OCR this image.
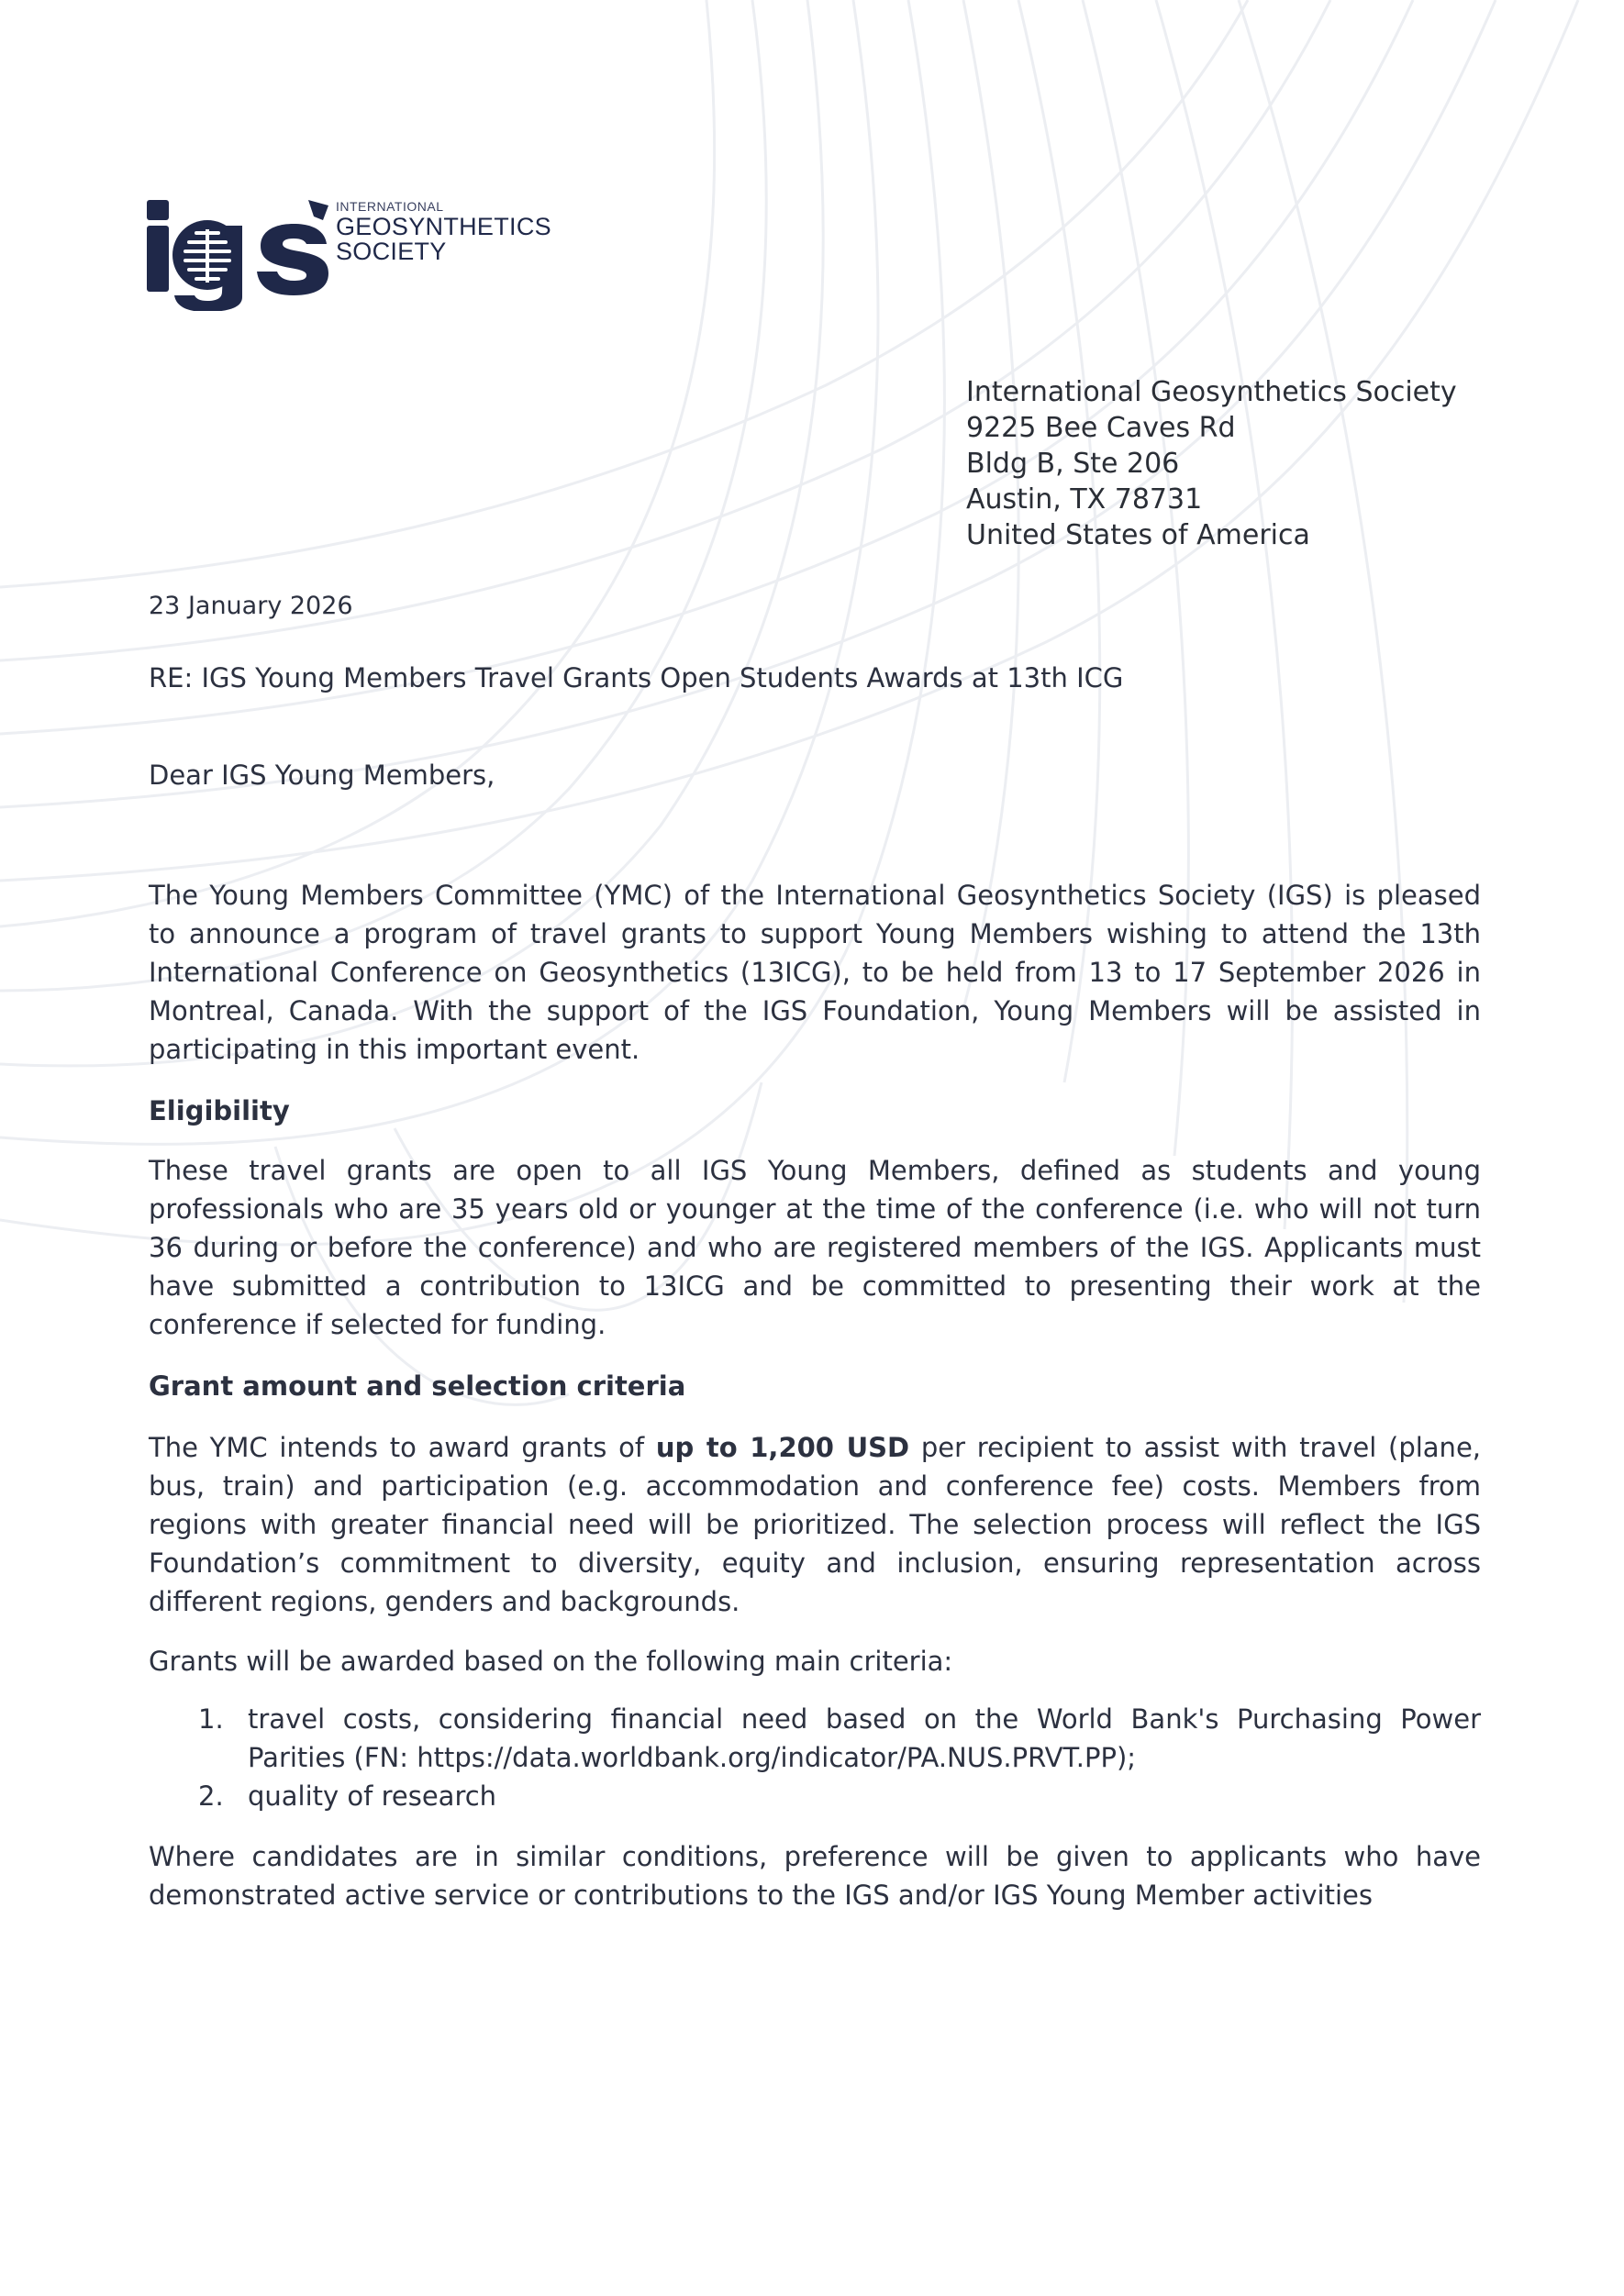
INTERNATIONAL
GEOSYNTHETICS
SOCIETY
International Geosynthetics Society
9225 Bee Caves Rd
Bldg B, Ste 206
Austin, TX 78731
United States of America
23 January 2026
RE: IGS Young Members Travel Grants Open Students Awards at 13th ICG
Dear IGS Young Members,

The Young Members Committee (YMC) of the International Geosynthetics Society (IGS) is pleased to announce a program of travel grants to support Young Members wishing to attend the 13th International Conference on Geosynthetics (13ICG), to be held from 13 to 17 September 2026 in Montreal, Canada. With the support of the IGS Foundation, Young Members will be assisted in participating in this important event.

Eligibility

These travel grants are open to all IGS Young Members, defined as students and young professionals who are 35 years old or younger at the time of the conference (i.e. who will not turn 36 during or before the conference) and who are registered members of the IGS. Applicants must have submitted a contribution to 13ICG and be committed to presenting their work at the conference if selected for funding.

Grant amount and selection criteria

The YMC intends to award grants of up to 1,200 USD per recipient to assist with travel (plane, bus, train) and participation (e.g. accommodation and conference fee) costs. Members from regions with greater financial need will be prioritized. The selection process will reflect the IGS Foundation’s commitment to diversity, equity and inclusion, ensuring representation across different regions, genders and backgrounds.

Grants will be awarded based on the following main criteria:
1. travel costs, considering financial need based on the World Bank's Purchasing Power Parities (FN: https://data.worldbank.org/indicator/PA.NUS.PRVT.PP);
2. quality of research

Where candidates are in similar conditions, preference will be given to applicants who have demonstrated active service or contributions to the IGS and/or IGS Young Member activities
